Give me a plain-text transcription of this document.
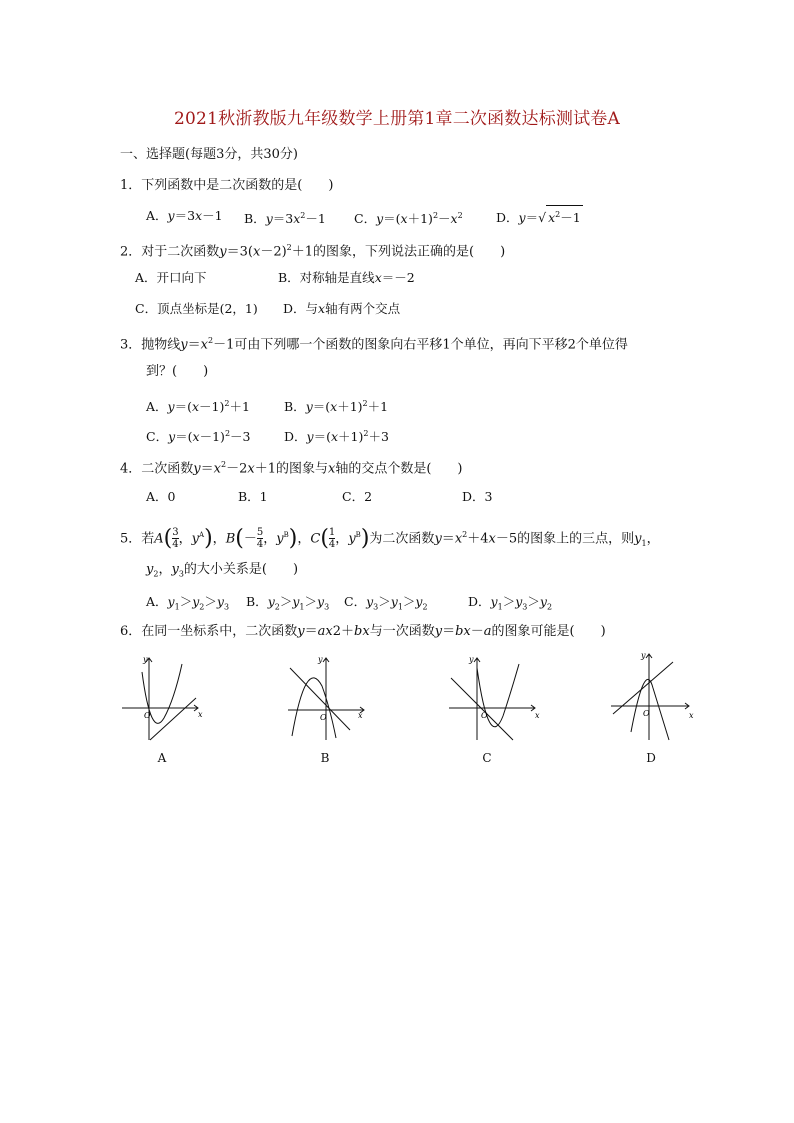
2021秋浙教版九年级数学上册第1章二次函数达标测试卷A
一、选择题(每题3分，共30分)
1．下列函数中是二次函数的是(　　)
A．y＝3x－1 B．$y=3x^2-1$ C．$y=(x+1)^2-x^2$	D．y＝√ $x^2-1$
2．对于二次函数$y=3(x-2)^2+1$的图象，下列说法正确的是(　　)
A．开口向下	B．对称轴是直线x＝－2
C．顶点坐标是(2，1) D．与x轴有两个交点
3．抛物线$y=x^2-1$可由下列哪一个函数的图象向右平移1个单位，再向下平移2个单位得
到？(　　)
A．$y=(x-1)^2+1$	B．$y=(x+1)^2+1$
C．$y=(x-1)^2-3$	D．$y=(x+1)^2+3$
4．二次函数$y=x^2-2x+1$的图象与x轴的交点个数是(　　)
A．0	B．1	C．2	D．3
5．若$A( \frac{3}{4}$ ，$y^A$)，$B(- \frac{5}{4}$ ，$y^B$)，$C( \frac{1}{4}$ ，$y^B$)为二次函数$y=x^2+4x-5$的图象上的三点，则$y_1$，
$y_2$，$y_3$的大小关系是(　　)
A．$y_1>y_2>y_3$ B．$y_2>y_1>y_3$ C．$y_3>y_1>y_2$	D．$y_1>y_3>y_2$
6．在同一坐标系中，二次函数y＝ax2＋bx与一次函数y＝bx－a的图象可能是(　　)
O	x
y
O	x
y
O	x
y
O	x
y
A	B	C	D
